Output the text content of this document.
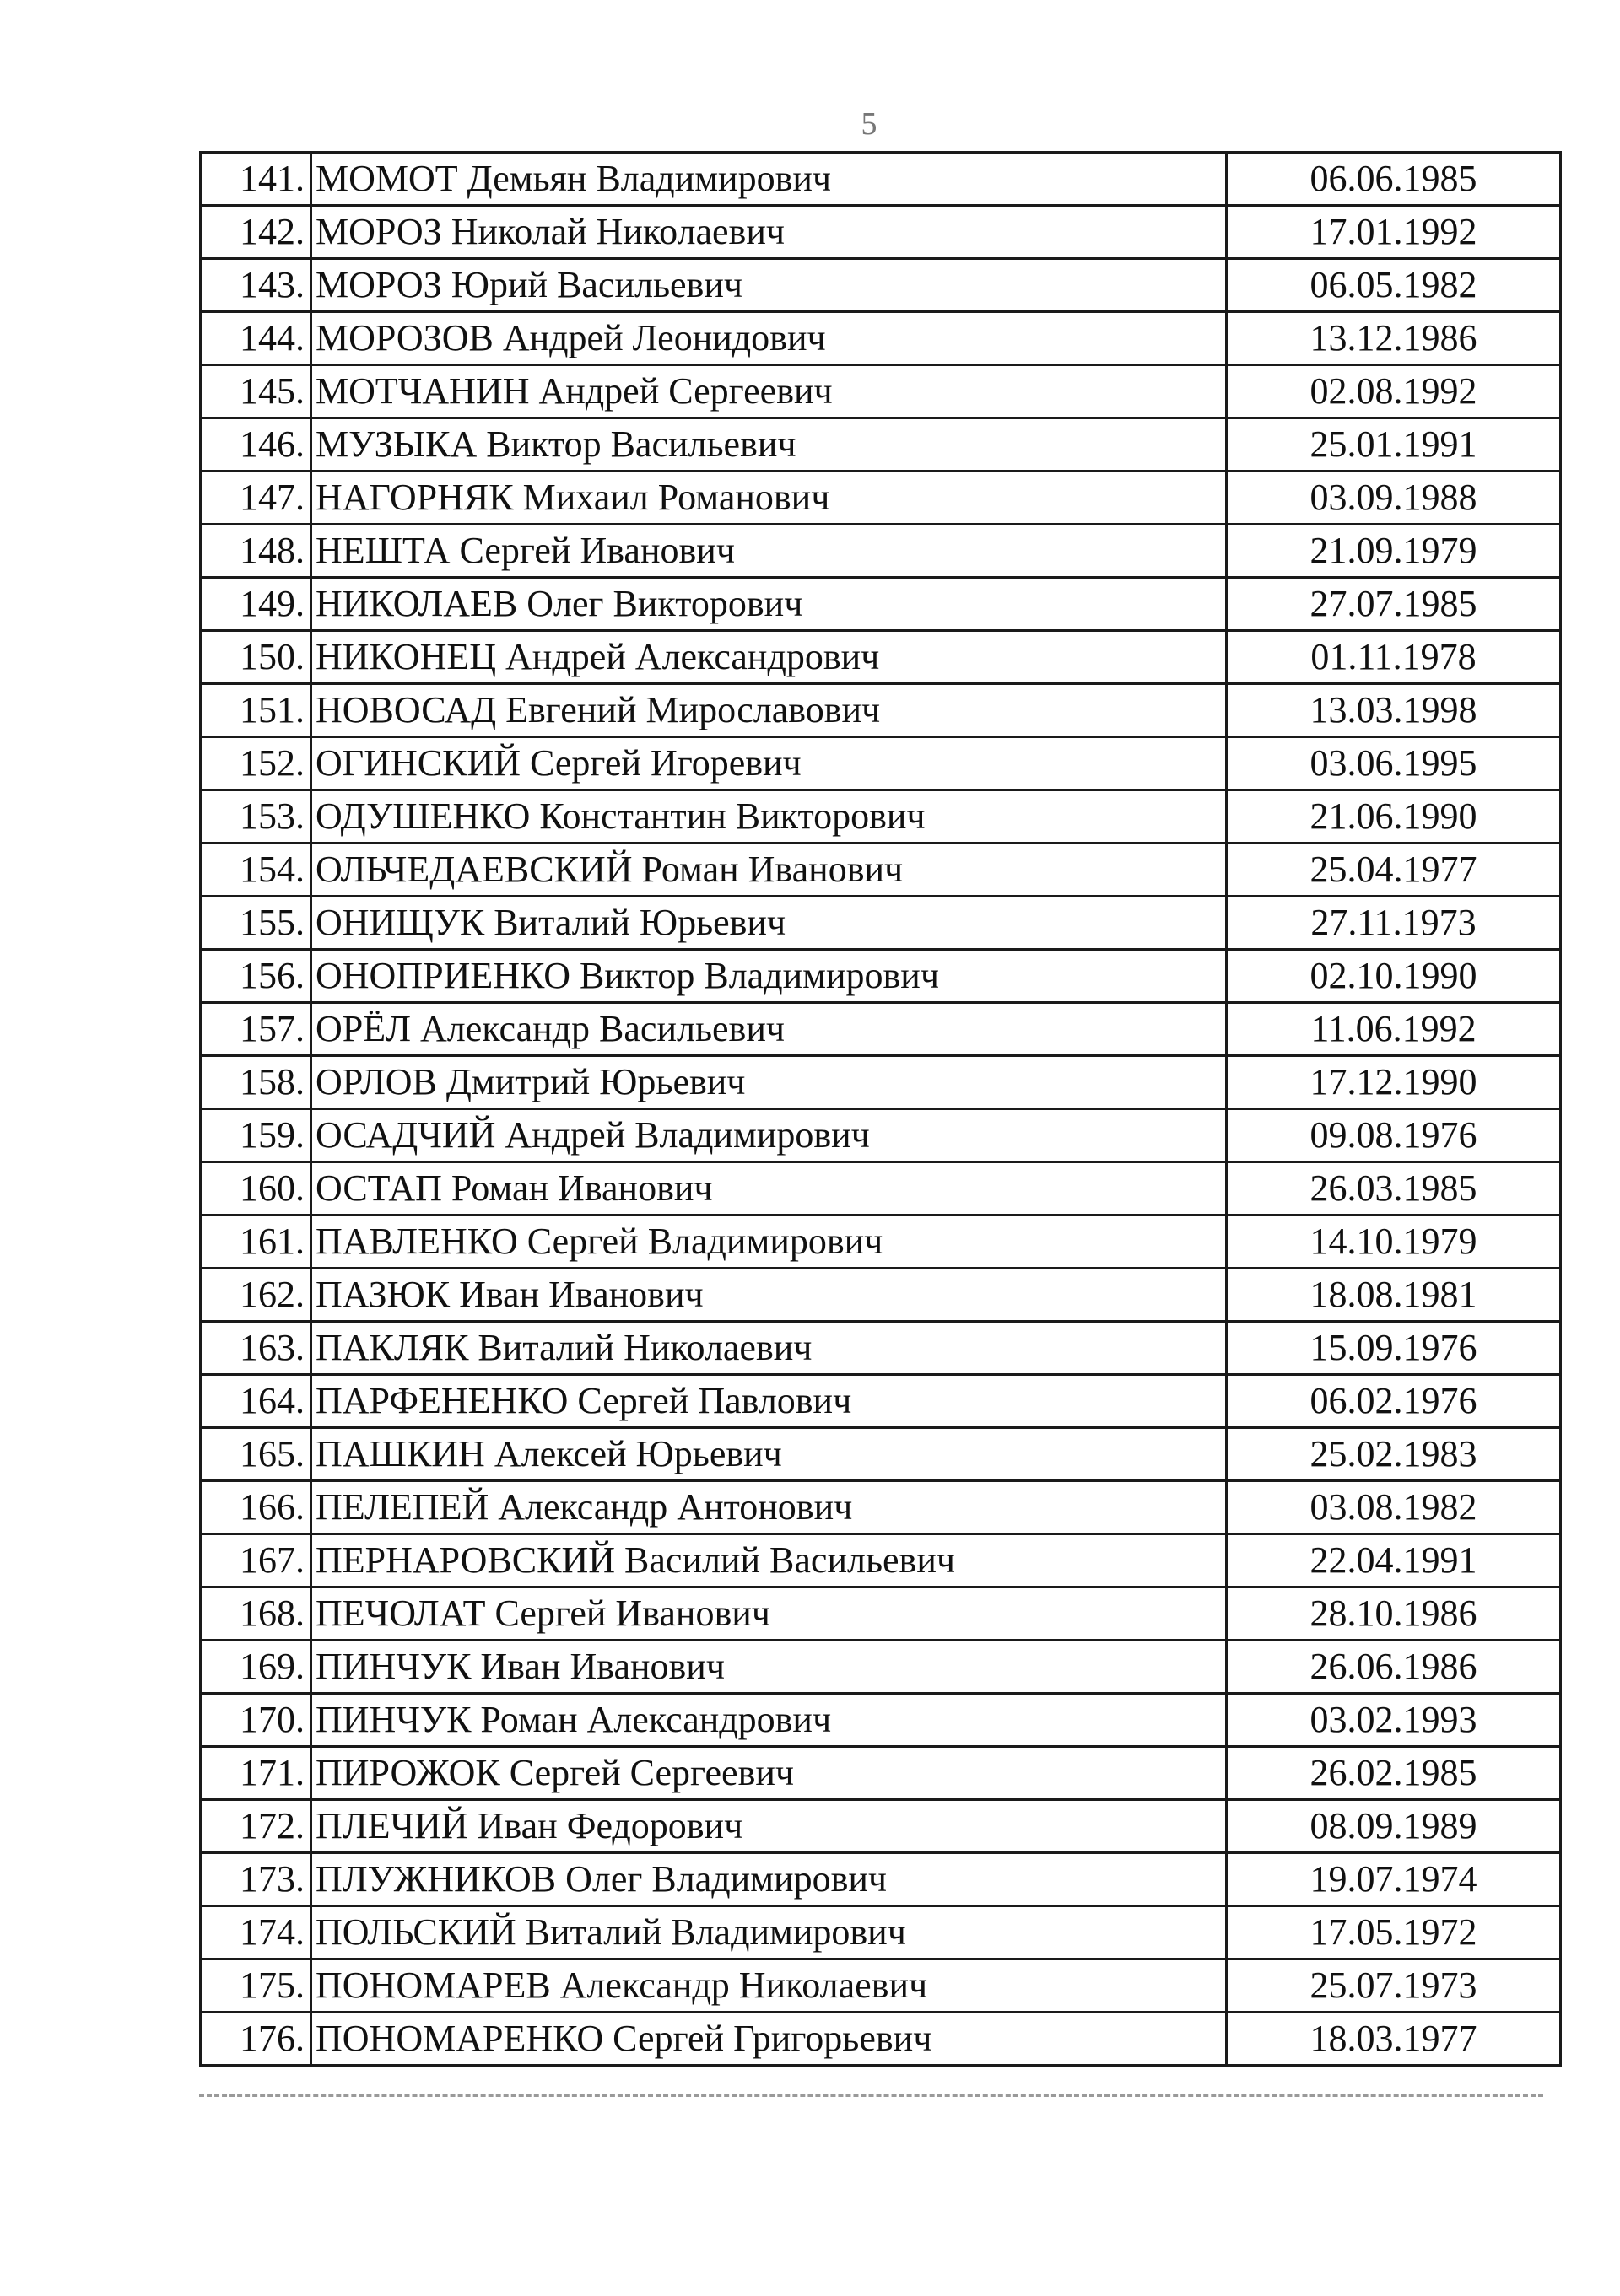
5
141.	МОМОТ Демьян Владимирович	06.06.1985
142.	МОРОЗ Николай Николаевич	17.01.1992
143.	МОРОЗ Юрий Васильевич	06.05.1982
144.	МОРОЗОВ Андрей Леонидович	13.12.1986
145.	МОТЧАНИН Андрей Сергеевич	02.08.1992
146.	МУЗЫКА Виктор Васильевич	25.01.1991
147.	НАГОРНЯК Михаил Романович	03.09.1988
148.	НЕШТА Сергей Иванович	21.09.1979
149.	НИКОЛАЕВ Олег Викторович	27.07.1985
150.	НИКОНЕЦ Андрей Александрович	01.11.1978
151.	НОВОСАД Евгений Мирославович	13.03.1998
152.	ОГИНСКИЙ Сергей Игоревич	03.06.1995
153.	ОДУШЕНКО Константин Викторович	21.06.1990
154.	ОЛЬЧЕДАЕВСКИЙ Роман Иванович	25.04.1977
155.	ОНИЩУК Виталий Юрьевич	27.11.1973
156.	ОНОПРИЕНКО Виктор Владимирович	02.10.1990
157.	ОРЁЛ Александр Васильевич	11.06.1992
158.	ОРЛОВ Дмитрий Юрьевич	17.12.1990
159.	ОСАДЧИЙ Андрей Владимирович	09.08.1976
160.	ОСТАП Роман Иванович	26.03.1985
161.	ПАВЛЕНКО Сергей Владимирович	14.10.1979
162.	ПАЗЮК Иван Иванович	18.08.1981
163.	ПАКЛЯК Виталий Николаевич	15.09.1976
164.	ПАРФЕНЕНКО Сергей Павлович	06.02.1976
165.	ПАШКИН Алексей Юрьевич	25.02.1983
166.	ПЕЛЕПЕЙ Александр Антонович	03.08.1982
167.	ПЕРНАРОВСКИЙ Василий Васильевич	22.04.1991
168.	ПЕЧОЛАТ Сергей Иванович	28.10.1986
169.	ПИНЧУК Иван Иванович	26.06.1986
170.	ПИНЧУК Роман Александрович	03.02.1993
171.	ПИРОЖОК Сергей Сергеевич	26.02.1985
172.	ПЛЕЧИЙ Иван Федорович	08.09.1989
173.	ПЛУЖНИКОВ Олег Владимирович	19.07.1974
174.	ПОЛЬСКИЙ Виталий Владимирович	17.05.1972
175.	ПОНОМАРЕВ Александр Николаевич	25.07.1973
176.	ПОНОМАРЕНКО Сергей Григорьевич	18.03.1977
